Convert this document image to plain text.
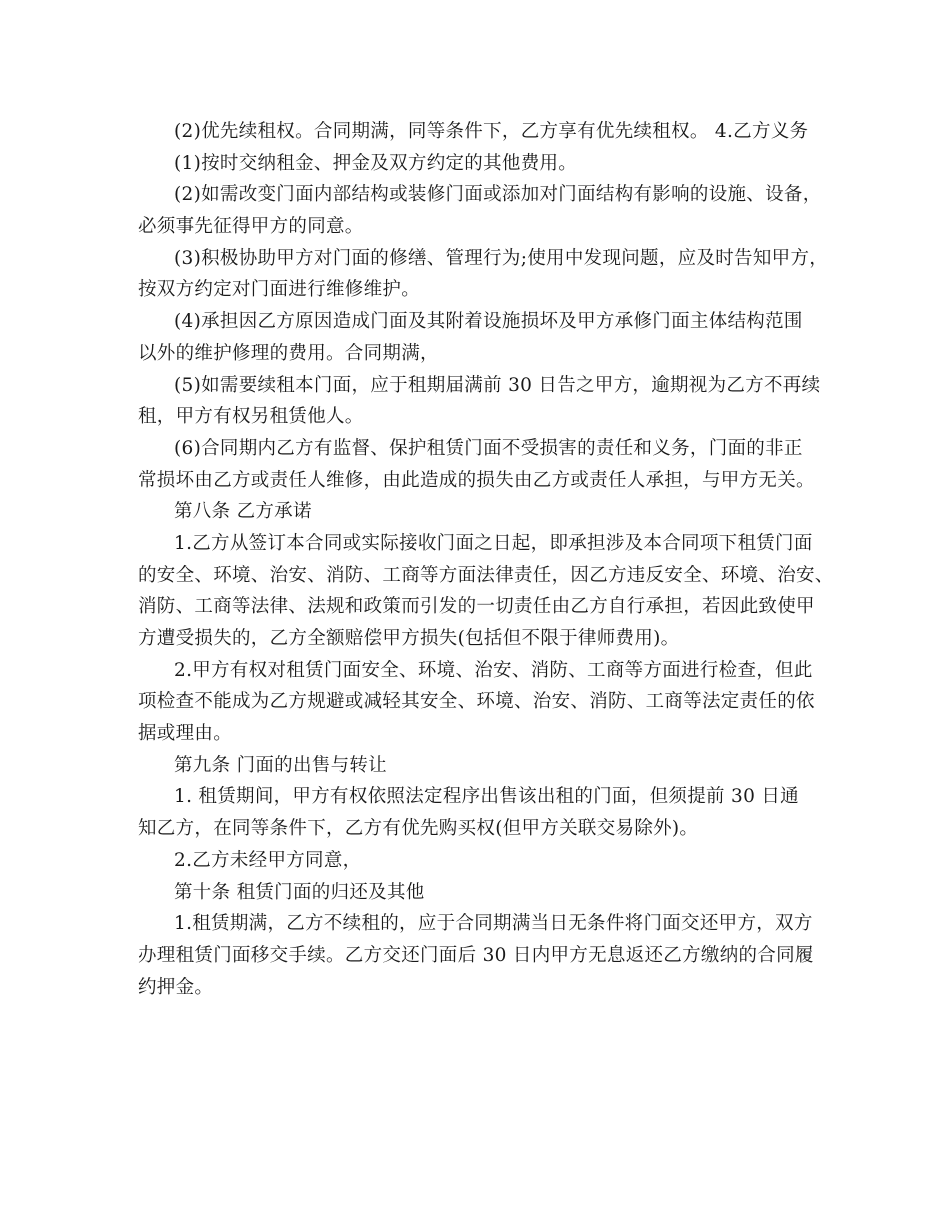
(2)优先续租权。合同期满，同等条件下，乙方享有优先续租权。 4.乙方义务
(1)按时交纳租金、押金及双方约定的其他费用。
(2)如需改变门面内部结构或装修门面或添加对门面结构有影响的设施、设备，
必须事先征得甲方的同意。
(3)积极协助甲方对门面的修缮、管理行为;使用中发现问题，应及时告知甲方，
按双方约定对门面进行维修维护。
(4)承担因乙方原因造成门面及其附着设施损坏及甲方承修门面主体结构范围
以外的维护修理的费用。合同期满，
(5)如需要续租本门面，应于租期届满前 30 日告之甲方，逾期视为乙方不再续
租，甲方有权另租赁他人。
(6)合同期内乙方有监督、保护租赁门面不受损害的责任和义务，门面的非正
常损坏由乙方或责任人维修，由此造成的损失由乙方或责任人承担，与甲方无关。
第八条 乙方承诺
1.乙方从签订本合同或实际接收门面之日起，即承担涉及本合同项下租赁门面
的安全、环境、治安、消防、工商等方面法律责任，因乙方违反安全、环境、治安、
消防、工商等法律、法规和政策而引发的一切责任由乙方自行承担，若因此致使甲
方遭受损失的，乙方全额赔偿甲方损失(包括但不限于律师费用)。
2.甲方有权对租赁门面安全、环境、治安、消防、工商等方面进行检查，但此
项检查不能成为乙方规避或减轻其安全、环境、治安、消防、工商等法定责任的依
据或理由。
第九条 门面的出售与转让
1. 租赁期间，甲方有权依照法定程序出售该出租的门面，但须提前 30 日通
知乙方，在同等条件下，乙方有优先购买权(但甲方关联交易除外)。
2.乙方未经甲方同意，
第十条 租赁门面的归还及其他
1.租赁期满，乙方不续租的，应于合同期满当日无条件将门面交还甲方，双方
办理租赁门面移交手续。乙方交还门面后 30 日内甲方无息返还乙方缴纳的合同履
约押金。
